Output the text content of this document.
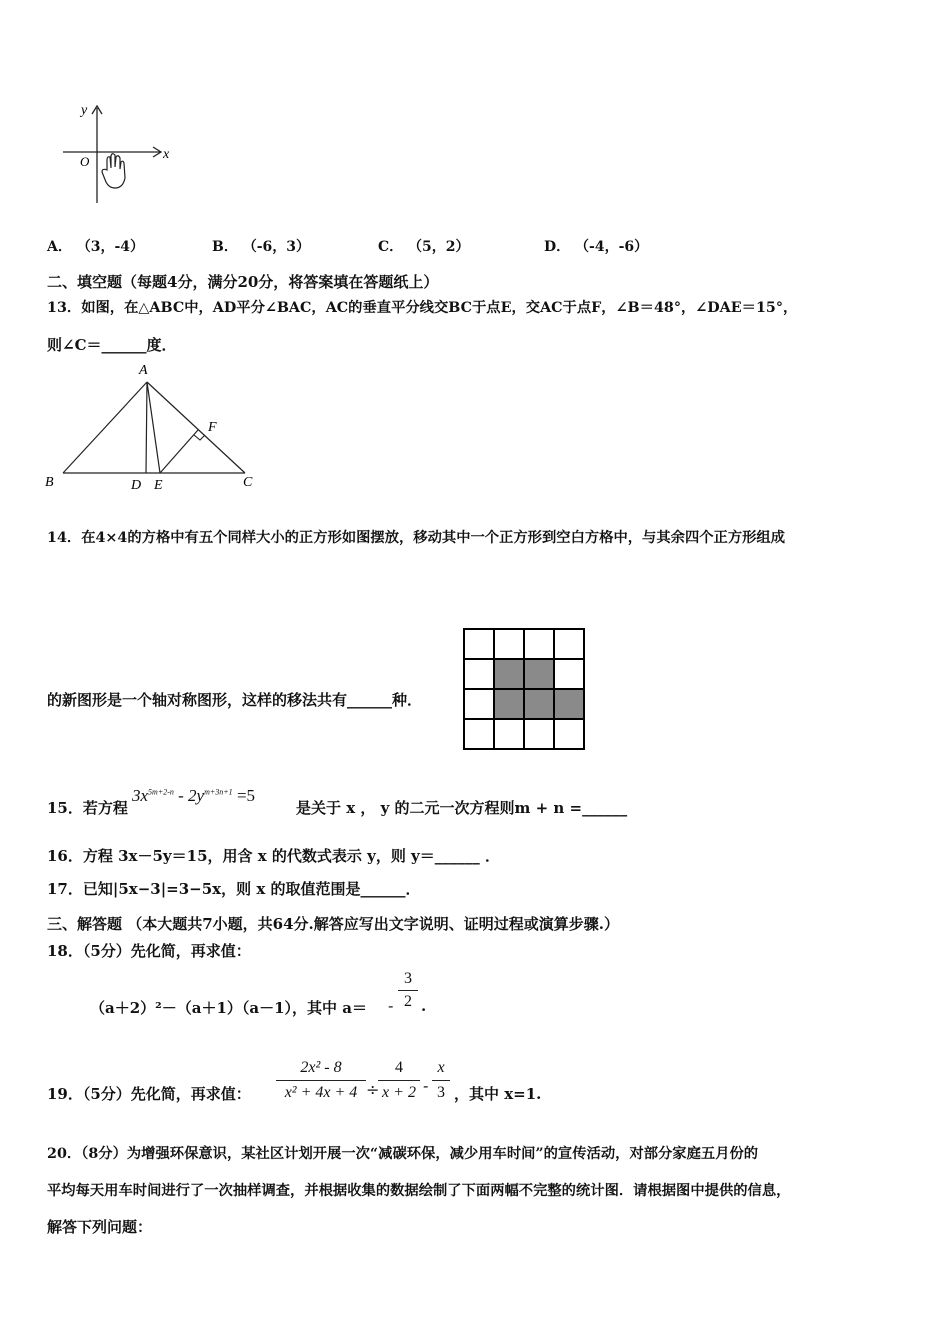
y
x
O
A． （3，-4）	B． （-6，3）	C． （5，2）	D． （-4，-6）
二、填空题（每题4分，满分20分，将答案填在答题纸上）
13．如图，在△ABC中，AD平分∠BAC，AC的垂直平分线交BC于点E，交AC于点F，∠B＝48°，∠DAE＝15°，
则∠C＝______度．
A
B	D E	C
F
14．在4×4的方格中有五个同样大小的正方形如图摆放，移动其中一个正方形到空白方格中，与其余四个正方形组成
的新图形是一个轴对称图形，这样的移法共有______种．
15．若方程
$3x^{5m+2-n} - 2y^{m+3n+1} =5$
是关于 x ， y 的二元一次方程则m + n =______
16．方程 3x－5y＝15，用含 x 的代数式表示 y，则 y＝______ ．
17．已知|5x−3|=3−5x，则 x 的取值范围是______．
三、解答题 （本大题共7小题，共64分.解答应写出文字说明、证明过程或演算步骤.）
18．（5分）先化简，再求值：
（a＋2）²－（a＋1）（a－1），其中 a＝ -
3
2 .
19．（5分）先化简，再求值：
2x² - 8
x² + 4x + 4 ÷
4
x + 2 -
x
3 ，其中 x=1.
20．（8分）为增强环保意识，某社区计划开展一次“减碳环保，减少用车时间”的宣传活动，对部分家庭五月份的
平均每天用车时间进行了一次抽样调查，并根据收集的数据绘制了下面两幅不完整的统计图．请根据图中提供的信息，
解答下列问题：
